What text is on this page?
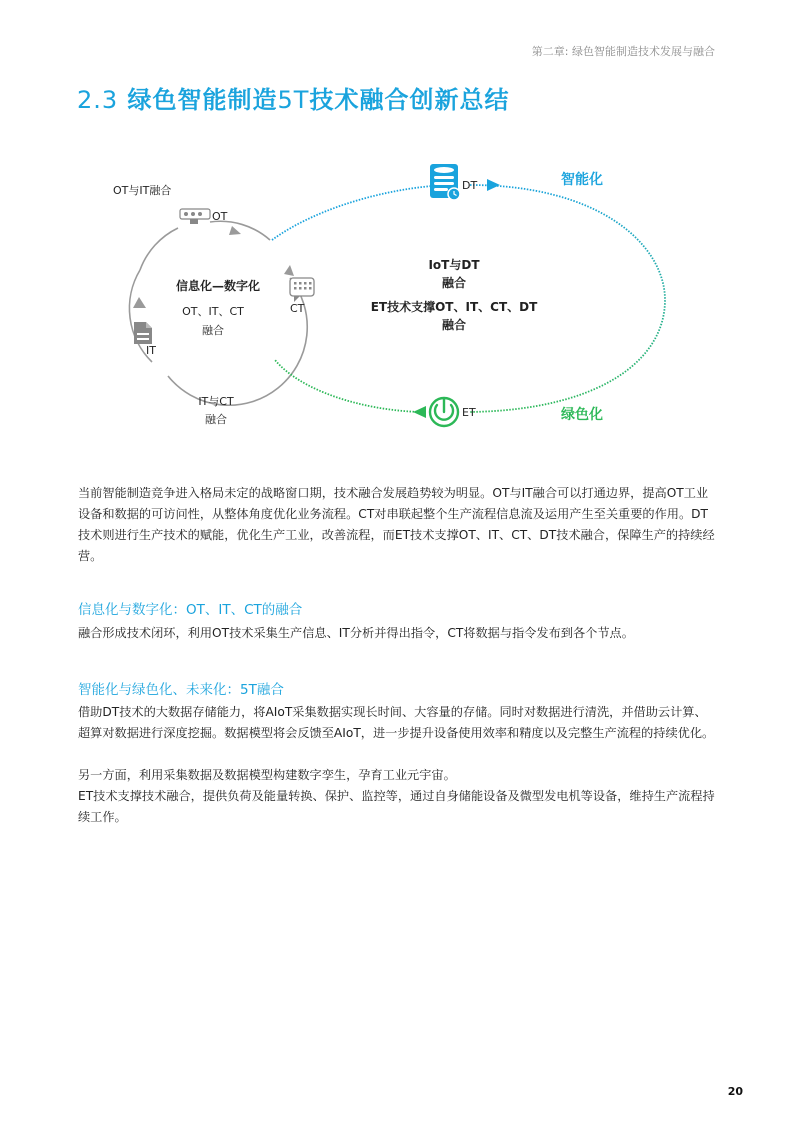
第二章: 绿色智能制造技术发展与融合
2.3 绿色智能制造5T技术融合创新总结
OT与IT融合
OT
CT
IT
DT
ET
信息化—数字化
OT、IT、CT
融合
IT与CT
融合
IoT与DT
融合
ET技术支撑OT、IT、CT、DT
融合
智能化
绿色化

当前智能制造竞争进入格局未定的战略窗口期，技术融合发展趋势较为明显。OT与IT融合可以打通边界，提高OT工业设备和数据的可访问性，从整体角度优化业务流程。CT对串联起整个生产流程信息流及运用产生至关重要的作用。DT技术则进行生产技术的赋能，优化生产工业，改善流程，而ET技术支撑OT、IT、CT、DT技术融合，保障生产的持续经营。

信息化与数字化：OT、IT、CT的融合

融合形成技术闭环，利用OT技术采集生产信息、IT分析并得出指令，CT将数据与指令发布到各个节点。

智能化与绿色化、未来化：5T融合

借助DT技术的大数据存储能力，将AIoT采集数据实现长时间、大容量的存储。同时对数据进行清洗，并借助云计算、超算对数据进行深度挖掘。数据模型将会反馈至AIoT，进一步提升设备使用效率和精度以及完整生产流程的持续优化。

另一方面，利用采集数据及数据模型构建数字孪生，孕育工业元宇宙。

ET技术支撑技术融合，提供负荷及能量转换、保护、监控等，通过自身储能设备及微型发电机等设备，维持生产流程持续工作。

20
